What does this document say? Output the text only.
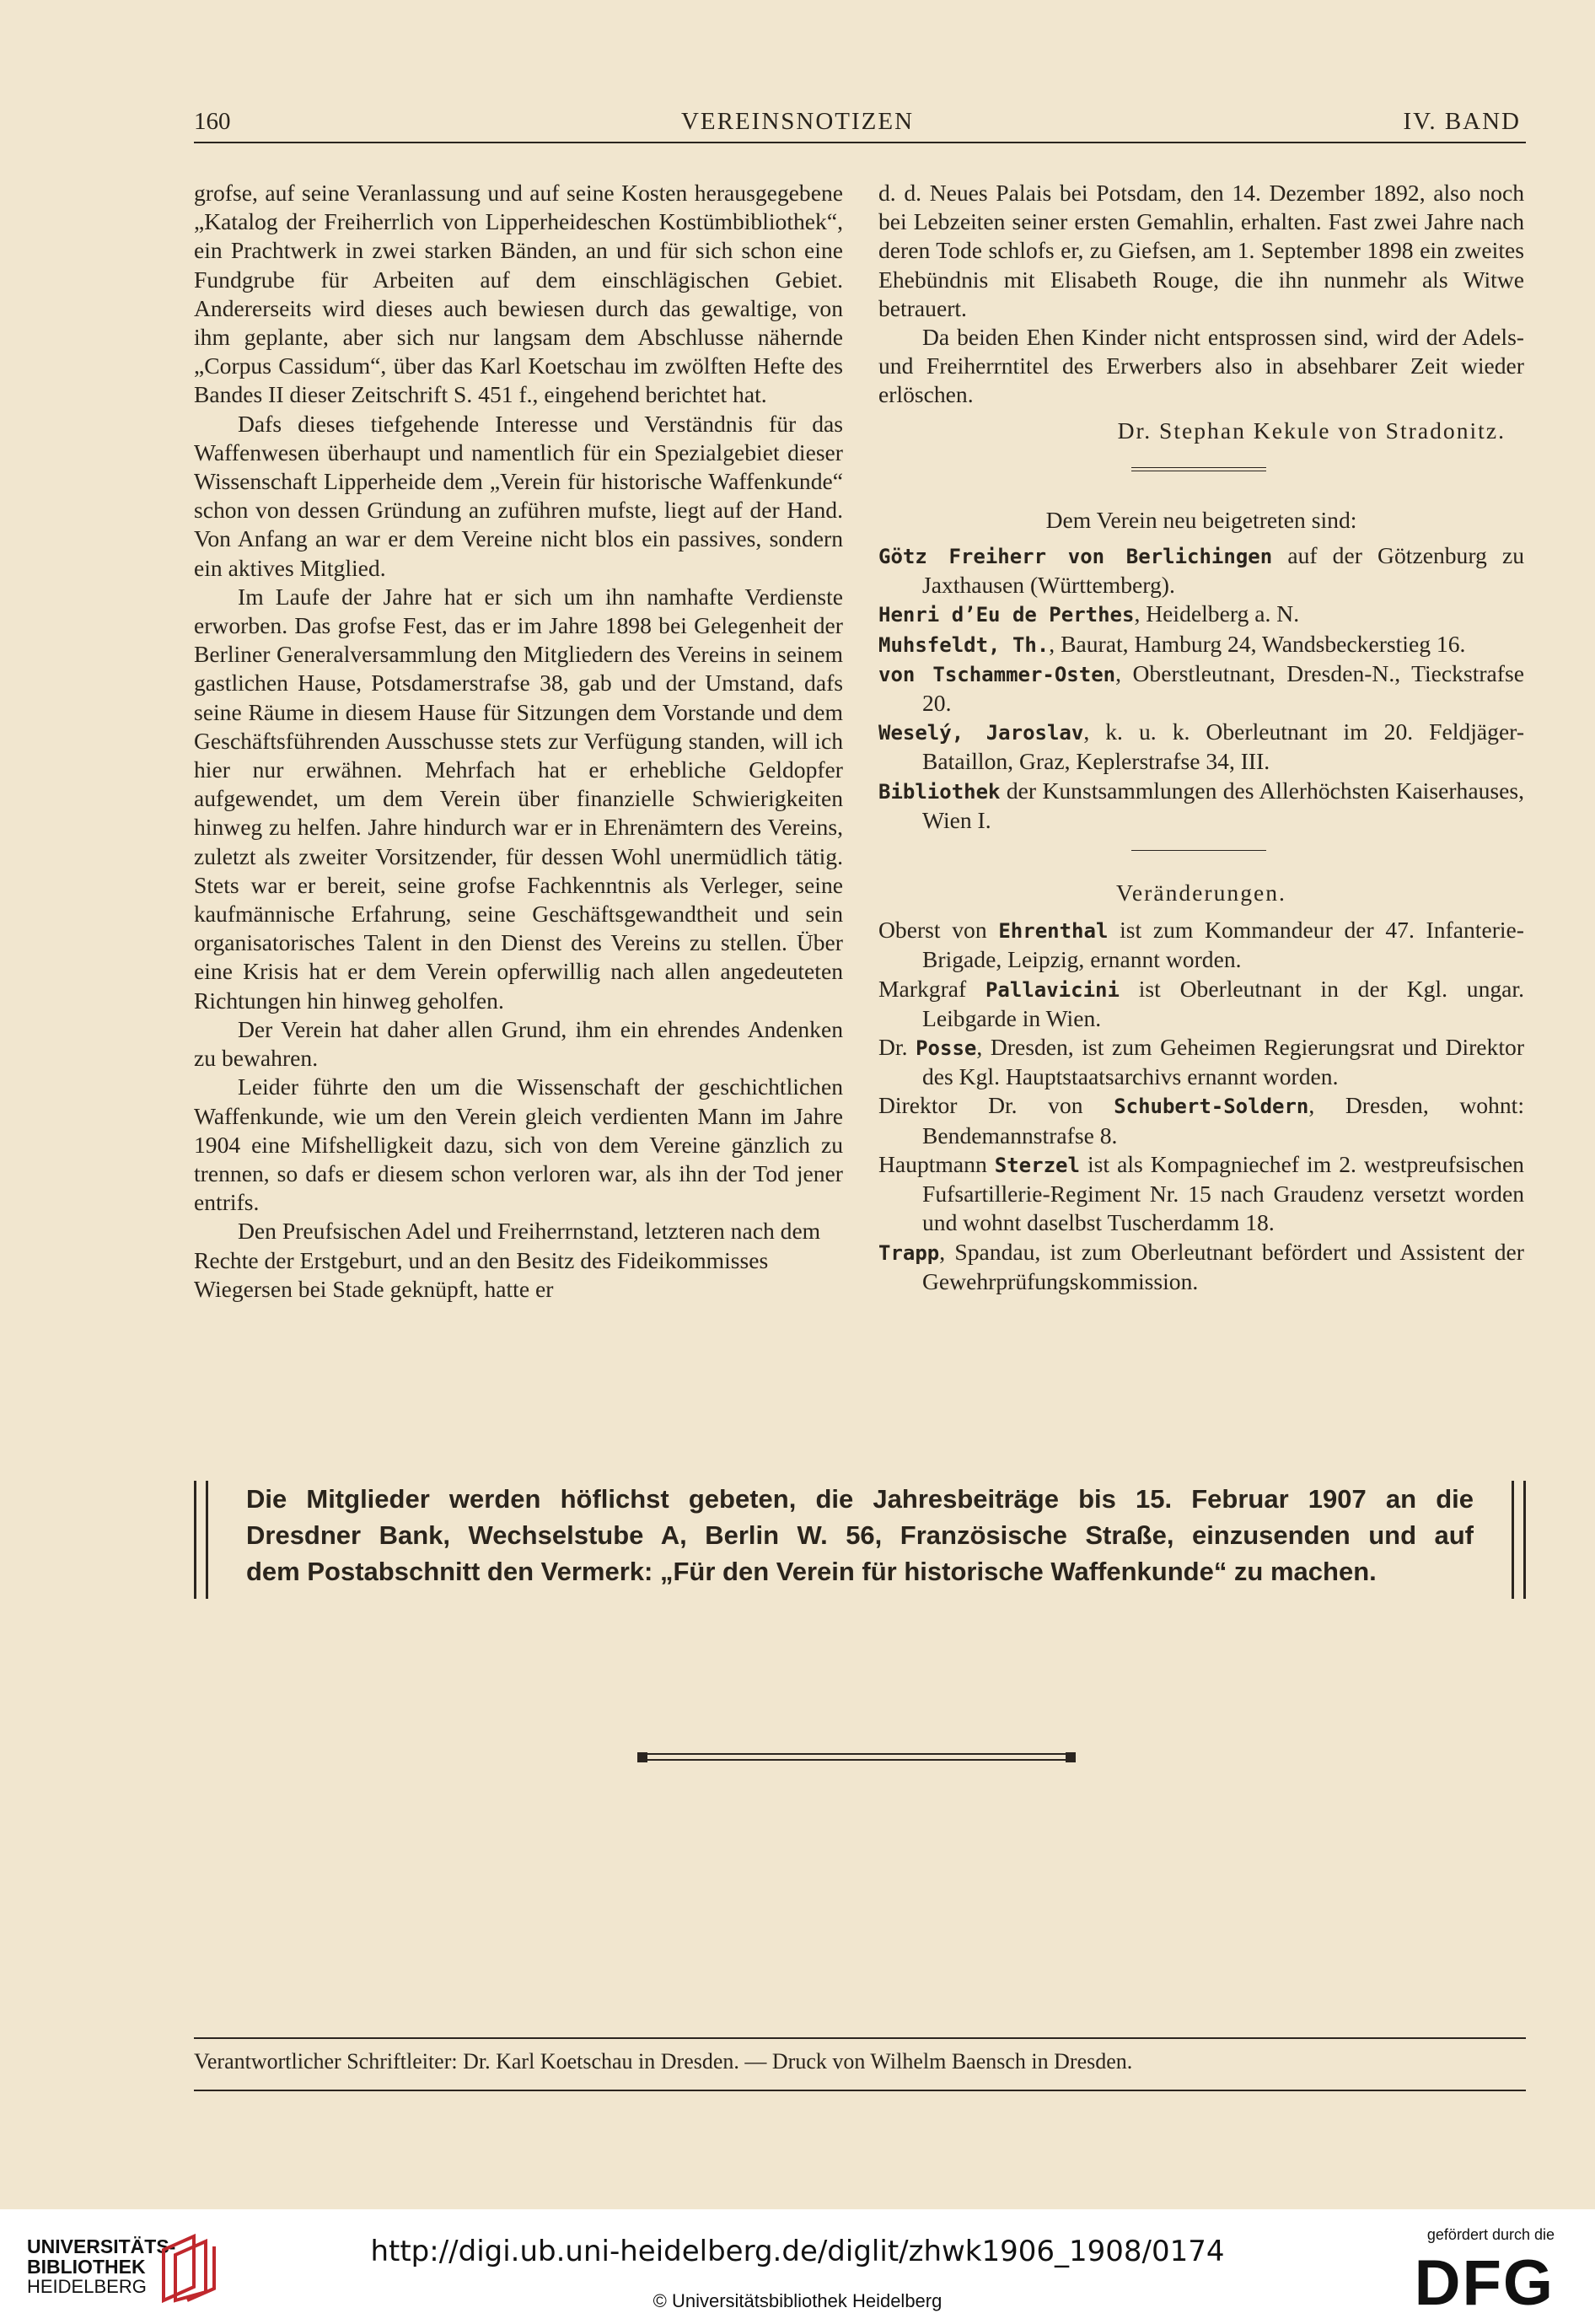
VEREINSNOTIZEN
160	IV. BAND

grofse, auf seine Veranlassung und auf seine Kosten herausgegebene „Katalog der Freiherrlich von Lipperheideschen Kostümbibliothek“, ein Prachtwerk in zwei starken Bänden, an und für sich schon eine Fundgrube für Arbeiten auf dem einschlägischen Gebiet. Andererseits wird dieses auch bewiesen durch das gewaltige, von ihm geplante, aber sich nur langsam dem Abschlusse nähernde „Corpus Cassidum“, über das Karl Koetschau im zwölften Hefte des Bandes II dieser Zeitschrift S. 451 f., eingehend berichtet hat.

Dafs dieses tiefgehende Interesse und Verständnis für das Waffenwesen überhaupt und namentlich für ein Spezialgebiet dieser Wissenschaft Lipperheide dem „Verein für historische Waffenkunde“ schon von dessen Gründung an zuführen mufste, liegt auf der Hand. Von Anfang an war er dem Vereine nicht blos ein passives, sondern ein aktives Mitglied.

Im Laufe der Jahre hat er sich um ihn namhafte Verdienste erworben. Das grofse Fest, das er im Jahre 1898 bei Gelegenheit der Berliner Generalversammlung den Mitgliedern des Vereins in seinem gastlichen Hause, Potsdamerstrafse 38, gab und der Umstand, dafs seine Räume in diesem Hause für Sitzungen dem Vorstande und dem Geschäftsführenden Ausschusse stets zur Verfügung standen, will ich hier nur erwähnen. Mehrfach hat er erhebliche Geldopfer aufgewendet, um dem Verein über finanzielle Schwierigkeiten hinweg zu helfen. Jahre hindurch war er in Ehrenämtern des Vereins, zuletzt als zweiter Vorsitzender, für dessen Wohl unermüdlich tätig. Stets war er bereit, seine grofse Fachkenntnis als Verleger, seine kaufmännische Erfahrung, seine Geschäftsgewandtheit und sein organisatorisches Talent in den Dienst des Vereins zu stellen. Über eine Krisis hat er dem Verein opferwillig nach allen angedeuteten Richtungen hin hinweg geholfen.

Der Verein hat daher allen Grund, ihm ein ehrendes Andenken zu bewahren.

Leider führte den um die Wissenschaft der geschichtlichen Waffenkunde, wie um den Verein gleich verdienten Mann im Jahre 1904 eine Mifshelligkeit dazu, sich von dem Vereine gänzlich zu trennen, so dafs er diesem schon verloren war, als ihn der Tod jener entrifs.

Den Preufsischen Adel und Freiherrnstand, letzteren nach dem Rechte der Erstgeburt, und an den Besitz des Fideikommisses Wiegersen bei Stade geknüpft, hatte er

d. d. Neues Palais bei Potsdam, den 14. Dezember 1892, also noch bei Lebzeiten seiner ersten Gemahlin, erhalten. Fast zwei Jahre nach deren Tode schlofs er, zu Giefsen, am 1. September 1898 ein zweites Ehebündnis mit Elisabeth Rouge, die ihn nunmehr als Witwe betrauert.

Da beiden Ehen Kinder nicht entsprossen sind, wird der Adels- und Freiherrntitel des Erwerbers also in absehbarer Zeit wieder erlöschen.

Dr. Stephan Kekule von Stradonitz.

Dem Verein neu beigetreten sind:

Götz Freiherr von Berlichingen auf der Götzenburg zu Jaxthausen (Württemberg).

Henri d’Eu de Perthes, Heidelberg a. N.

Muhsfeldt, Th., Baurat, Hamburg 24, Wandsbeckerstieg 16.

von Tschammer-Osten, Oberstleutnant, Dresden-N., Tieckstrafse 20.

Weselý, Jaroslav, k. u. k. Oberleutnant im 20. Feldjäger-Bataillon, Graz, Keplerstrafse 34, III.

Bibliothek der Kunstsammlungen des Allerhöchsten Kaiserhauses, Wien I.

Veränderungen.

Oberst von Ehrenthal ist zum Kommandeur der 47. Infanterie-Brigade, Leipzig, ernannt worden.

Markgraf Pallavicini ist Oberleutnant in der Kgl. ungar. Leibgarde in Wien.

Dr. Posse, Dresden, ist zum Geheimen Regierungsrat und Direktor des Kgl. Hauptstaatsarchivs ernannt worden.

Direktor Dr. von Schubert-Soldern, Dresden, wohnt: Bendemannstrafse 8.

Hauptmann Sterzel ist als Kompagniechef im 2. westpreufsischen Fufsartillerie-Regiment Nr. 15 nach Graudenz versetzt worden und wohnt daselbst Tuscherdamm 18.

Trapp, Spandau, ist zum Oberleutnant befördert und Assistent der Gewehrprüfungskommission.

Die Mitglieder werden höflichst gebeten, die Jahresbeiträge bis 15. Februar 1907 an die
Dresdner Bank, Wechselstube A, Berlin W. 56, Französische Straße, einzusenden und auf
dem Postabschnitt den Vermerk: „Für den Verein für historische Waffenkunde“ zu machen.
Verantwortlicher Schriftleiter: Dr. Karl Koetschau in Dresden. — Druck von Wilhelm Baensch in Dresden.
UNIVERSITÄTS-
BIBLIOTHEK
HEIDELBERG
http://digi.ub.uni-heidelberg.de/diglit/zhwk1906_1908/0174
© Universitätsbibliothek Heidelberg
gefördert durch die
DFG
